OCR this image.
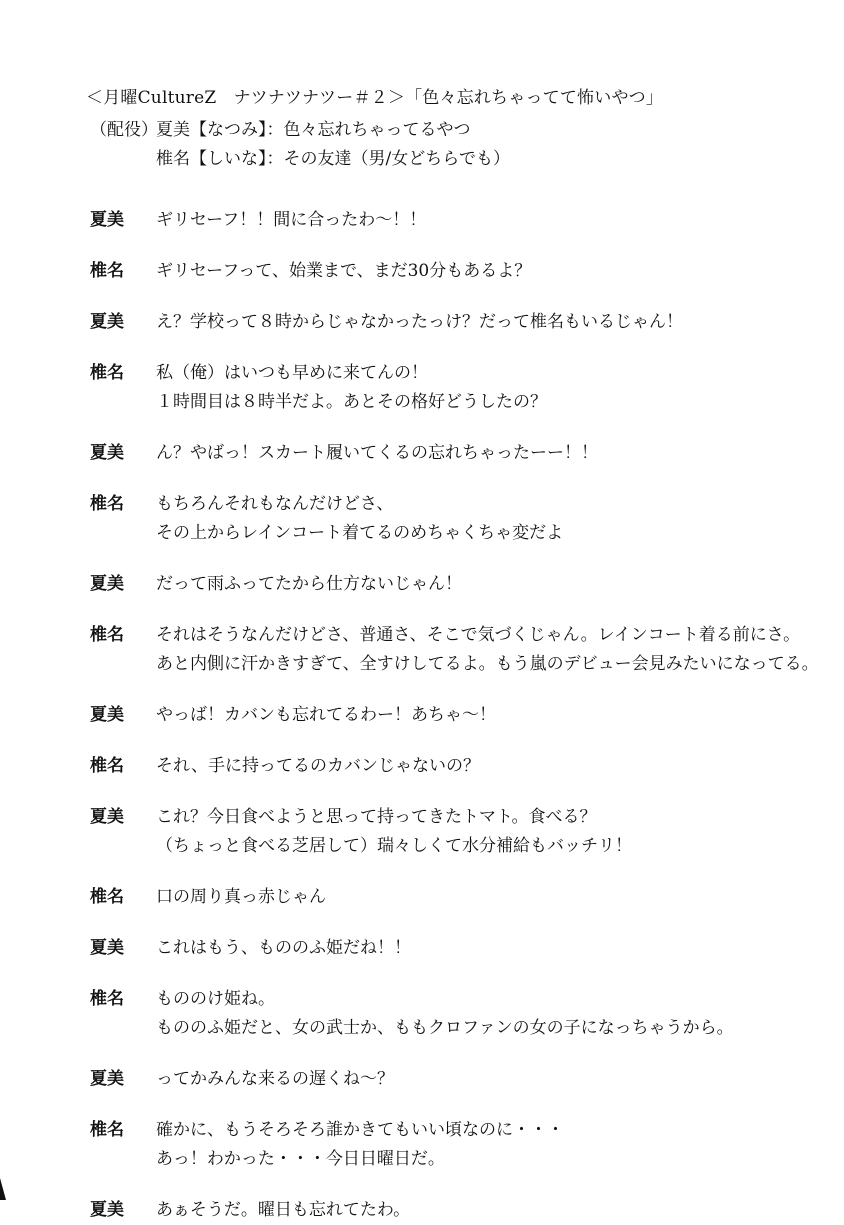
＜月曜CultureZ　ナツナツナツー＃２＞「色々忘れちゃってて怖いやつ」
（配役）
夏美【なつみ】：色々忘れちゃってるやつ
椎名【しいな】：その友達（男/女どちらでも）
夏美	ギリセーフ！！間に合ったわ〜！！
椎名	ギリセーフって、始業まで、まだ30分もあるよ？
夏美	え？学校って８時からじゃなかったっけ？だって椎名もいるじゃん！
椎名	私（俺）はいつも早めに来てんの！
１時間目は８時半だよ。あとその格好どうしたの？
夏美	ん？やばっ！スカート履いてくるの忘れちゃったーー！！
椎名	もちろんそれもなんだけどさ、
その上からレインコート着てるのめちゃくちゃ変だよ
夏美	だって雨ふってたから仕方ないじゃん！
椎名	それはそうなんだけどさ、普通さ、そこで気づくじゃん。レインコート着る前にさ。
あと内側に汗かきすぎて、全すけしてるよ。もう嵐のデビュー会見みたいになってる。
夏美	やっば！カバンも忘れてるわー！あちゃ〜！
椎名	それ、手に持ってるのカバンじゃないの？
夏美	これ？今日食べようと思って持ってきたトマト。食べる？
（ちょっと食べる芝居して）瑞々しくて水分補給もバッチリ！
椎名	口の周り真っ赤じゃん
夏美	これはもう、もののふ姫だね！！
椎名	もののけ姫ね。
もののふ姫だと、女の武士か、ももクロファンの女の子になっちゃうから。
夏美	ってかみんな来るの遅くね〜？
椎名	確かに、もうそろそろ誰かきてもいい頃なのに・・・
あっ！わかった・・・今日日曜日だ。
夏美	あぁそうだ。曜日も忘れてたわ。
